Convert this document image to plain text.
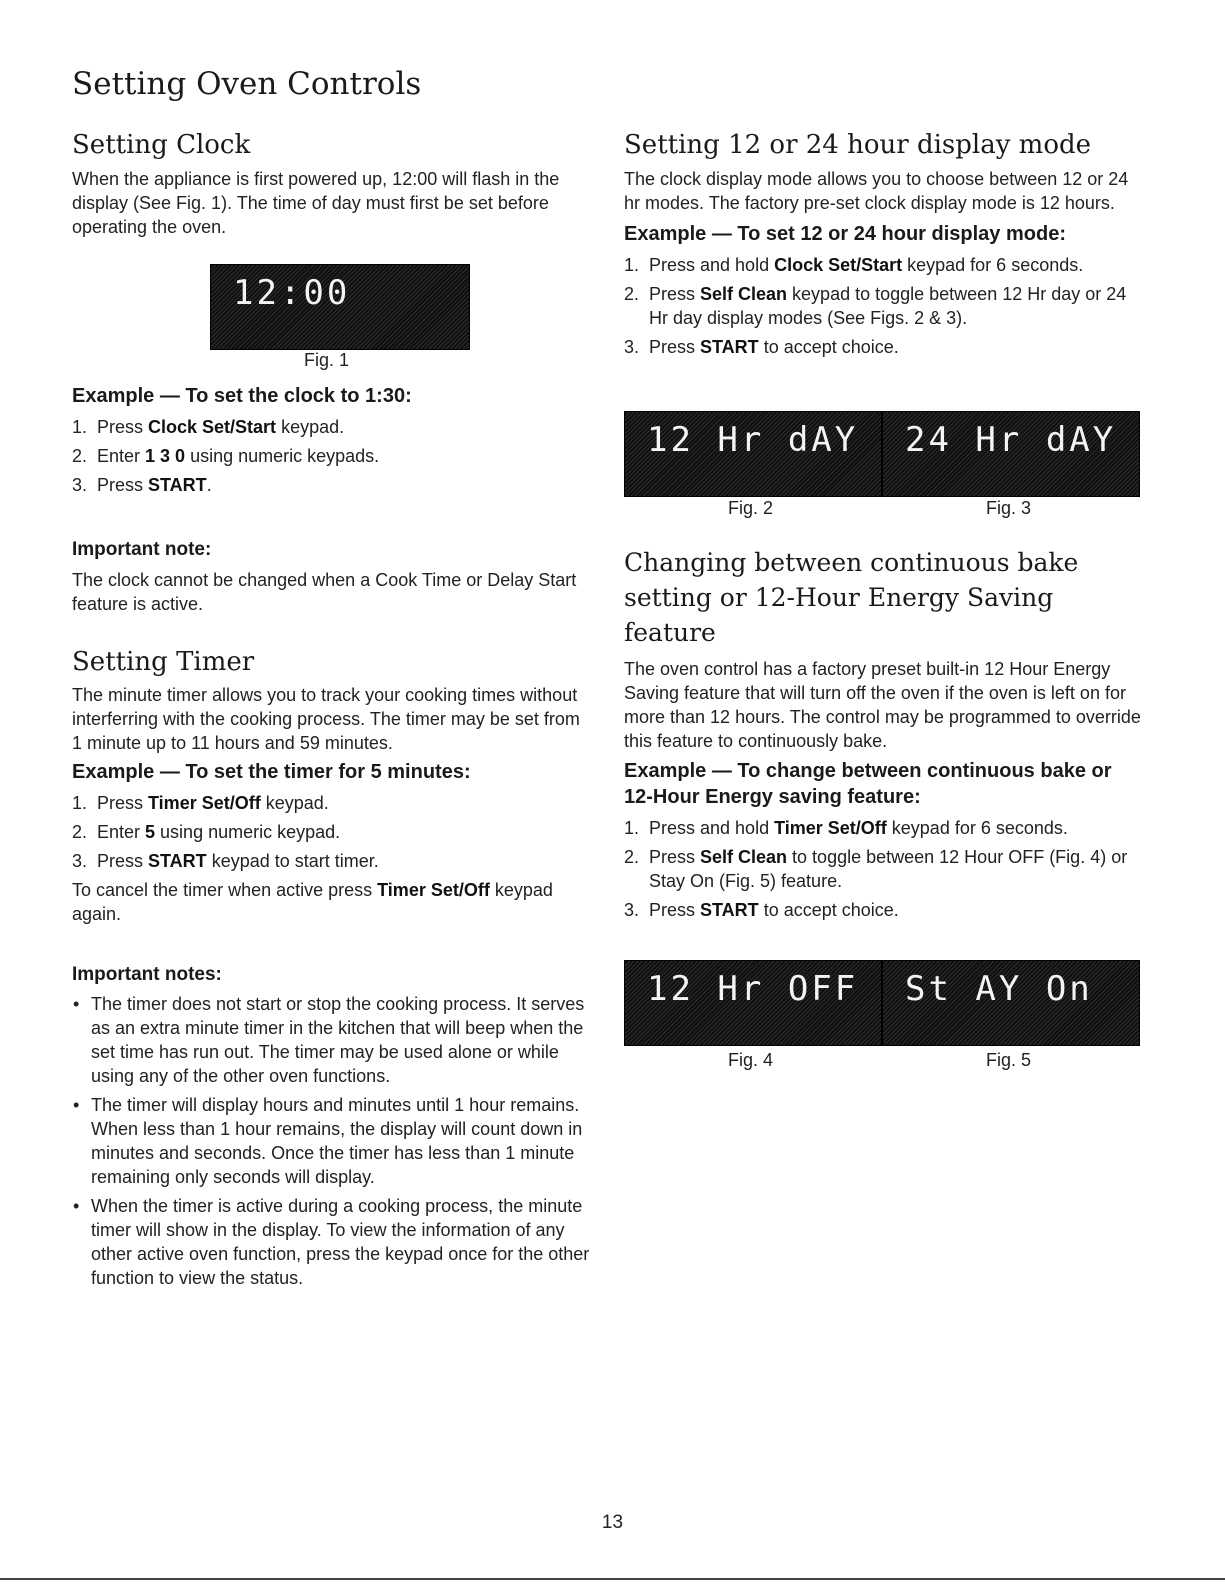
Setting Oven Controls
Setting Clock

When the appliance is first powered up, 12:00 will flash in the display (See Fig. 1). The time of day must first be set before operating the oven.

12:00
Fig. 1
Example — To set the clock to 1:30:
1. Press Clock Set/Start keypad.
2. Enter 1 3 0 using numeric keypads.
3. Press START.
Important note:

The clock cannot be changed when a Cook Time or Delay Start feature is active.

Setting Timer

The minute timer allows you to track your cooking times without interferring with the cooking process. The timer may be set from 1 minute up to 11 hours and 59 minutes.

Example — To set the timer for 5 minutes:
1. Press Timer Set/Off keypad.
2. Enter 5 using numeric keypad.
3. Press START keypad to start timer.

To cancel the timer when active press Timer Set/Off keypad again.

Important notes:
• The timer does not start or stop the cooking process. It serves as an extra minute timer in the kitchen that will beep when the set time has run out. The timer may be used alone or while using any of the other oven functions.
• The timer will display hours and minutes until 1 hour remains. When less than 1 hour remains, the display will count down in minutes and seconds. Once the timer has less than 1 minute remaining only seconds will display.
• When the timer is active during a cooking process, the minute timer will show in the display. To view the information of any other active oven function, press the keypad once for the other function to view the status.
Setting 12 or 24 hour display mode

The clock display mode allows you to choose between 12 or 24 hr modes. The factory pre-set clock display mode is 12 hours.

Example — To set 12 or 24 hour display mode:
1. Press and hold Clock Set/Start keypad for 6 seconds.
2. Press Self Clean keypad to toggle between 12 Hr day or 24 Hr day display modes (See Figs. 2 & 3).
3. Press START to accept choice.
12 Hr dAY 24 Hr dAY
Fig. 2	Fig. 3
Changing between continuous bake
setting or 12-Hour Energy Saving feature

The oven control has a factory preset built-in 12 Hour Energy Saving feature that will turn off the oven if the oven is left on for more than 12 hours. The control may be programmed to override this feature to continuously bake.

Example — To change between continuous bake or 12-Hour Energy saving feature:
1. Press and hold Timer Set/Off keypad for 6 seconds.
2. Press Self Clean to toggle between 12 Hour OFF (Fig. 4) or Stay On (Fig. 5) feature.
3. Press START to accept choice.
12 Hr OFF St AY On
Fig. 4	Fig. 5
13
